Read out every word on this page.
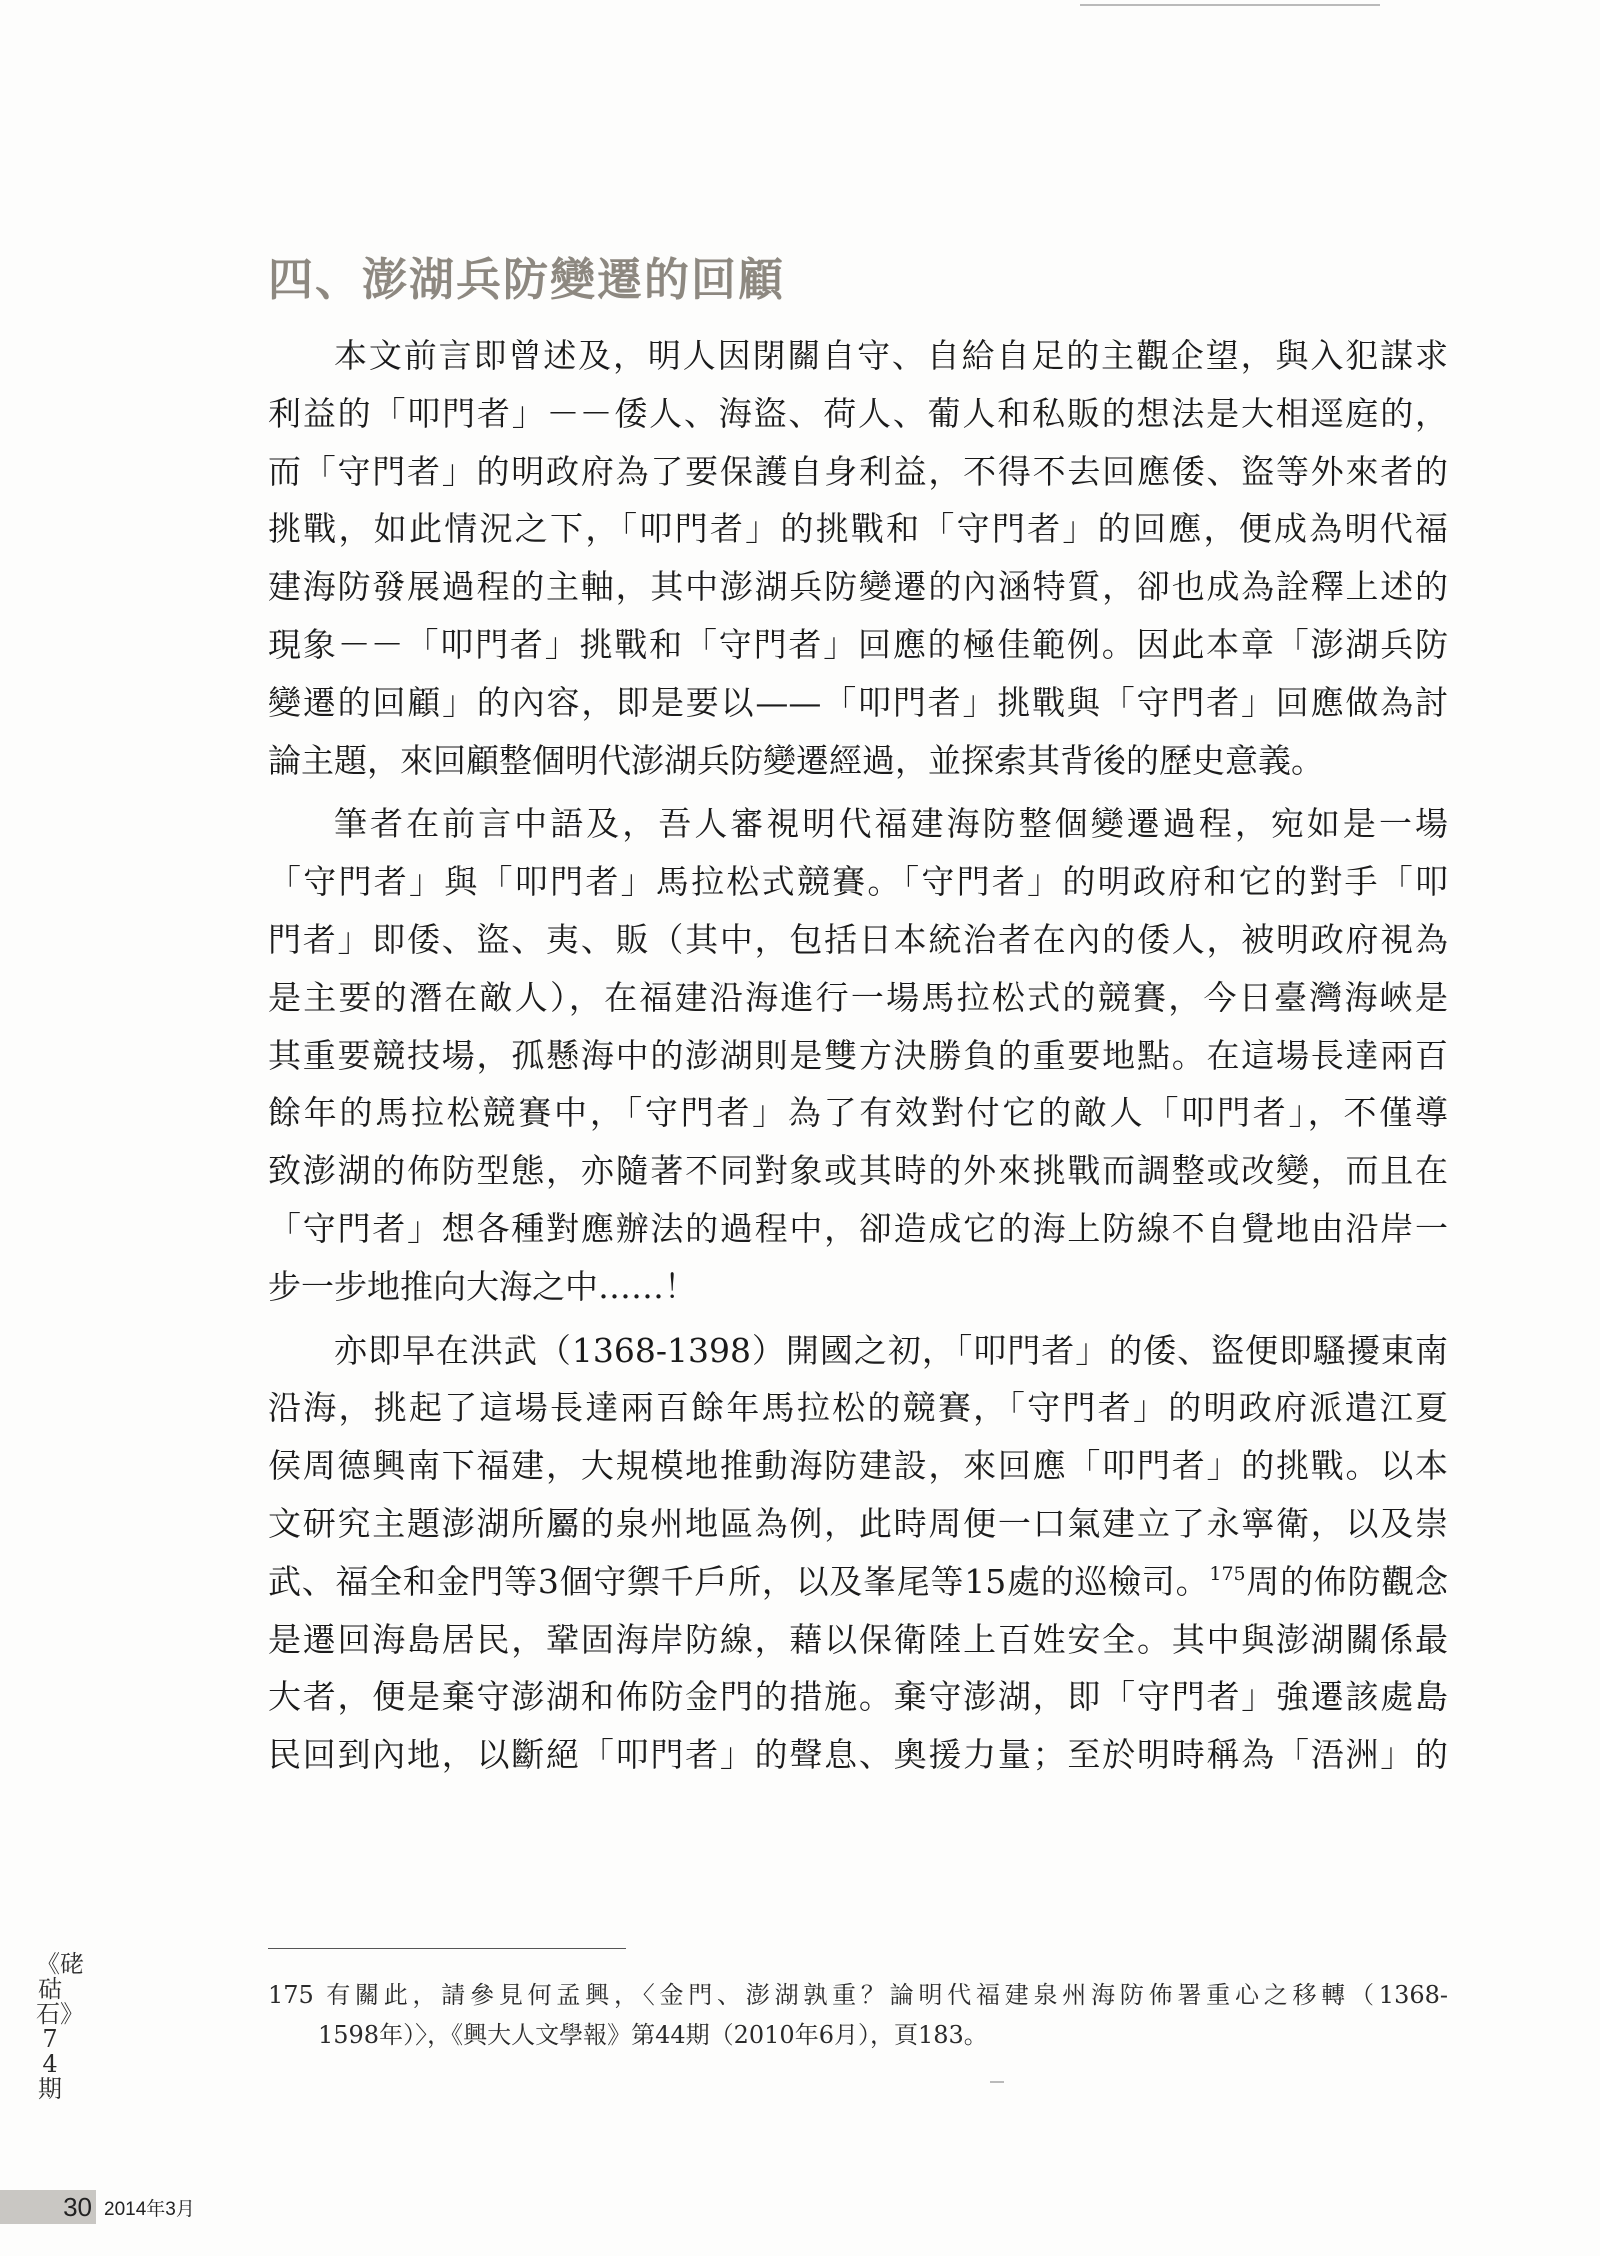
四、澎湖兵防變遷的回顧

本文前言即曾述及，明人因閉關自守、自給自足的主觀企望，與入犯謀求
利益的「叩門者」－－倭人、海盜、荷人、葡人和私販的想法是大相逕庭的，
而「守門者」的明政府為了要保護自身利益，不得不去回應倭、盜等外來者的
挑戰，如此情況之下，「叩門者」的挑戰和「守門者」的回應，便成為明代福
建海防發展過程的主軸，其中澎湖兵防變遷的內涵特質，卻也成為詮釋上述的
現象－－「叩門者」挑戰和「守門者」回應的極佳範例。因此本章「澎湖兵防
變遷的回顧」的內容，即是要以——「叩門者」挑戰與「守門者」回應做為討
論主題，來回顧整個明代澎湖兵防變遷經過，並探索其背後的歷史意義。

筆者在前言中語及，吾人審視明代福建海防整個變遷過程，宛如是一場
「守門者」與「叩門者」馬拉松式競賽。「守門者」的明政府和它的對手「叩
門者」即倭、盜、夷、販（其中，包括日本統治者在內的倭人，被明政府視為
是主要的潛在敵人），在福建沿海進行一場馬拉松式的競賽，今日臺灣海峽是
其重要競技場，孤懸海中的澎湖則是雙方決勝負的重要地點。在這場長達兩百
餘年的馬拉松競賽中，「守門者」為了有效對付它的敵人「叩門者」，不僅導
致澎湖的佈防型態，亦隨著不同對象或其時的外來挑戰而調整或改變，而且在
「守門者」想各種對應辦法的過程中，卻造成它的海上防線不自覺地由沿岸一
步一步地推向大海之中……！

亦即早在洪武（1368-1398）開國之初，「叩門者」的倭、盜便即騷擾東南
沿海，挑起了這場長達兩百餘年馬拉松的競賽，「守門者」的明政府派遣江夏
侯周德興南下福建，大規模地推動海防建設，來回應「叩門者」的挑戰。以本
文研究主題澎湖所屬的泉州地區為例，此時周便一口氣建立了永寧衛，以及崇
武、福全和金門等3個守禦千戶所，以及峯尾等15處的巡檢司。$^{175}$周的佈防觀念
是遷回海島居民，鞏固海岸防線，藉以保衛陸上百姓安全。其中與澎湖關係最
大者，便是棄守澎湖和佈防金門的措施。棄守澎湖，即「守門者」強遷該處島
民回到內地，以斷絕「叩門者」的聲息、奧援力量；至於明時稱為「浯洲」的

175 有關此，請參見何孟興，〈金門、澎湖孰重？論明代福建泉州海防佈署重心之移轉（1368-
1598年）〉，《興大人文學報》第44期（2010年6月），頁183。
《硓𥑮石》74期
30 2014年3月
